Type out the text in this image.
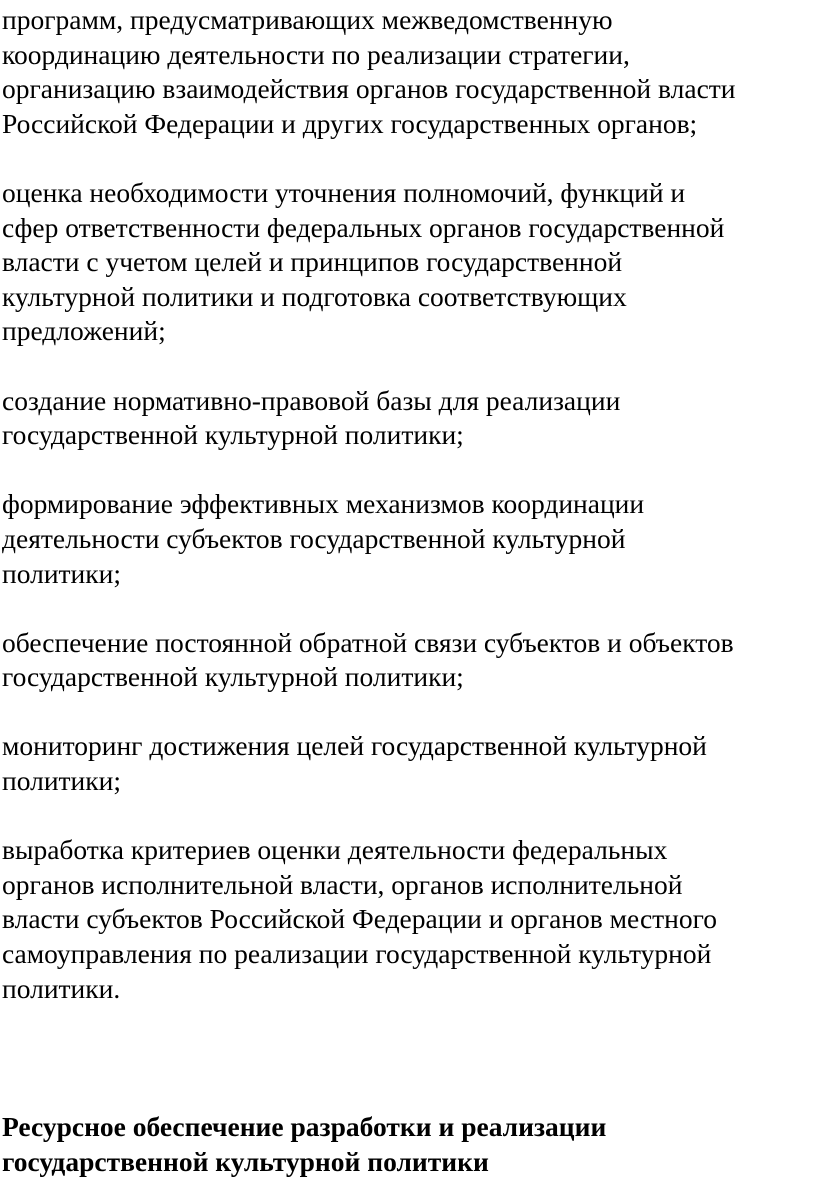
программ, предусматривающих межведомственную
координацию деятельности по реализации стратегии,
организацию взаимодействия органов государственной власти
Российской Федерации и других государственных органов;

оценка необходимости уточнения полномочий, функций и
сфер ответственности федеральных органов государственной
власти с учетом целей и принципов государственной
культурной политики и подготовка соответствующих
предложений;

создание нормативно-правовой базы для реализации
государственной культурной политики;

формирование эффективных механизмов координации
деятельности субъектов государственной культурной
политики;

обеспечение постоянной обратной связи субъектов и объектов
государственной культурной политики;

мониторинг достижения целей государственной культурной
политики;

выработка критериев оценки деятельности федеральных
органов исполнительной власти, органов исполнительной
власти субъектов Российской Федерации и органов местного
самоуправления по реализации государственной культурной
политики.

Ресурсное обеспечение разработки и реализации
государственной культурной политики
